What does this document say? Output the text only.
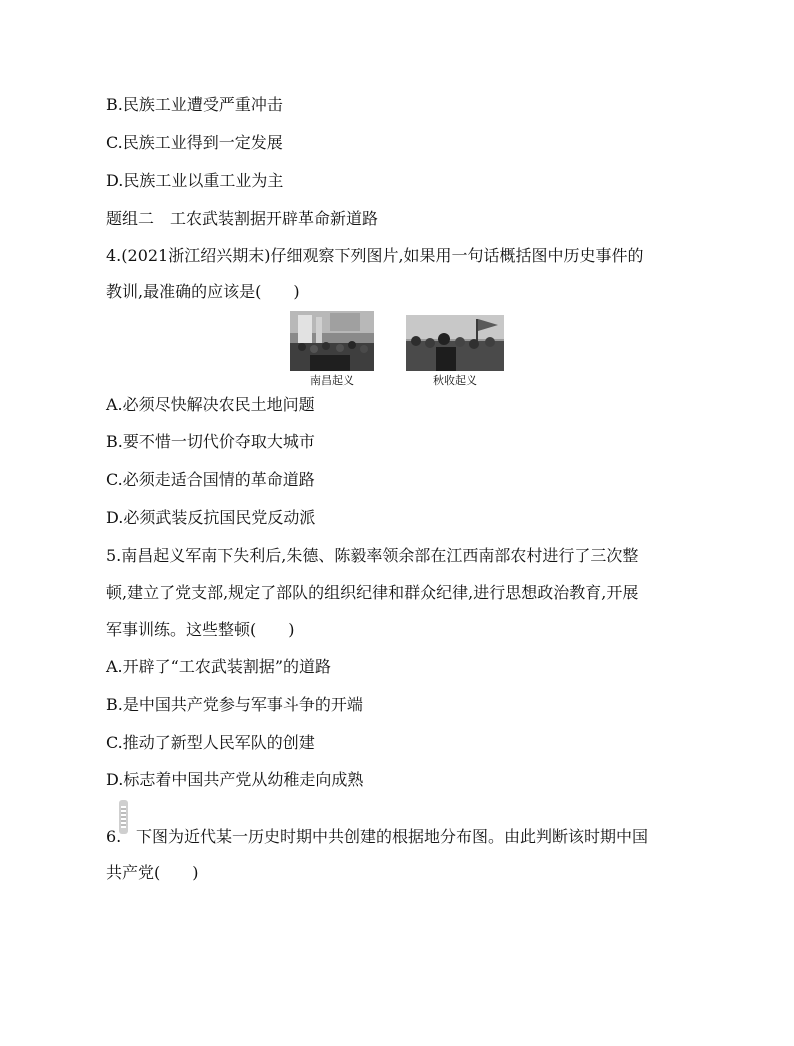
B.民族工业遭受严重冲击
C.民族工业得到一定发展
D.民族工业以重工业为主
题组二　工农武装割据开辟革命新道路
4.(2021浙江绍兴期末)仔细观察下列图片,如果用一句话概括图中历史事件的
教训,最准确的应该是(　　)
南昌起义	秋收起义
A.必须尽快解决农民土地问题
B.要不惜一切代价夺取大城市
C.必须走适合国情的革命道路
D.必须武装反抗国民党反动派
5.南昌起义军南下失利后,朱德、陈毅率领余部在江西南部农村进行了三次整
顿,建立了党支部,规定了部队的组织纪律和群众纪律,进行思想政治教育,开展
军事训练。这些整顿(　　)
A.开辟了“工农武装割据”的道路
B.是中国共产党参与军事斗争的开端
C.推动了新型人民军队的创建
D.标志着中国共产党从幼稚走向成熟
6. 下图为近代某一历史时期中共创建的根据地分布图。由此判断该时期中国
共产党(　　)
